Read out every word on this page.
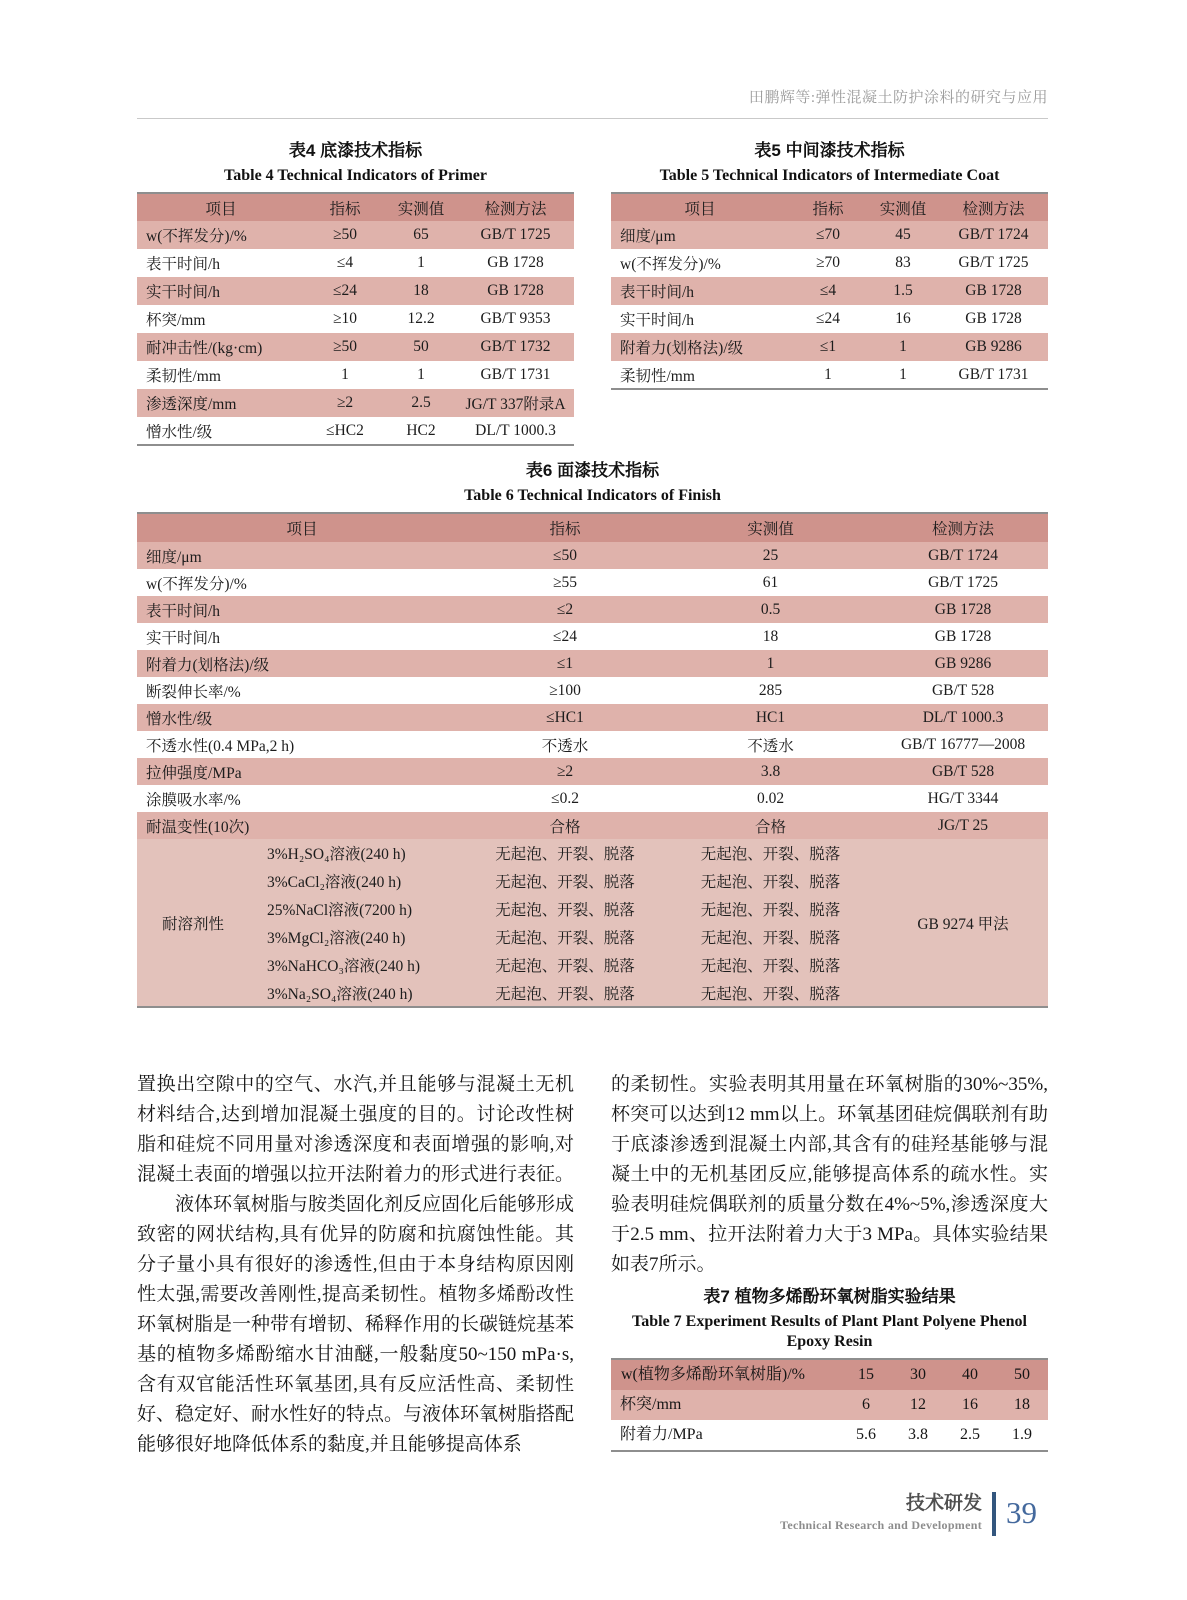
田鹏辉等:弹性混凝土防护涂料的研究与应用
表4 底漆技术指标
Table 4 Technical Indicators of Primer
项目	指标	实测值	检测方法
w(不挥发分)/%	≥50	65	GB/T 1725
表干时间/h	≤4	1	GB 1728
实干时间/h	≤24	18	GB 1728
杯突/mm	≥10	12.2	GB/T 9353
耐冲击性/(kg·cm)	≥50	50	GB/T 1732
柔韧性/mm	1	1	GB/T 1731
渗透深度/mm	≥2	2.5	JG/T 337附录A
憎水性/级	≤HC2	HC2	DL/T 1000.3
表5 中间漆技术指标
Table 5 Technical Indicators of Intermediate Coat
项目	指标	实测值	检测方法
细度/μm	≤70	45	GB/T 1724
w(不挥发分)/%	≥70	83	GB/T 1725
表干时间/h	≤4	1.5	GB 1728
实干时间/h	≤24	16	GB 1728
附着力(划格法)/级	≤1	1	GB 9286
柔韧性/mm	1	1	GB/T 1731
表6 面漆技术指标
Table 6 Technical Indicators of Finish
项目		指标	实测值	检测方法
细度/μm		≤50	25	GB/T 1724
w(不挥发分)/%		≥55	61	GB/T 1725
表干时间/h		≤2	0.5	GB 1728
实干时间/h		≤24	18	GB 1728
附着力(划格法)/级		≤1	1	GB 9286
断裂伸长率/%		≥100	285	GB/T 528
憎水性/级		≤HC1	HC1	DL/T 1000.3
不透水性(0.4 MPa,2 h)		不透水	不透水	GB/T 16777—2008
拉伸强度/MPa		≥2	3.8	GB/T 528
涂膜吸水率/%		≤0.2	0.02	HG/T 3344
耐温变性(10次)		合格	合格	JG/T 25
耐溶剂性	3%H₂SO₄溶液(240 h)	无起泡、开裂、脱落	无起泡、开裂、脱落	GB 9274 甲法
	3%CaCl₂溶液(240 h)	无起泡、开裂、脱落	无起泡、开裂、脱落	
	25%NaCl溶液(7200 h)	无起泡、开裂、脱落	无起泡、开裂、脱落	
	3%MgCl₂溶液(240 h)	无起泡、开裂、脱落	无起泡、开裂、脱落	
	3%NaHCO₃溶液(240 h)	无起泡、开裂、脱落	无起泡、开裂、脱落	
	3%Na₂SO₄溶液(240 h)	无起泡、开裂、脱落	无起泡、开裂、脱落	

置换出空隙中的空气、水汽,并且能够与混凝土无机材料结合,达到增加混凝土强度的目的。讨论改性树脂和硅烷不同用量对渗透深度和表面增强的影响,对混凝土表面的增强以拉开法附着力的形式进行表征。

液体环氧树脂与胺类固化剂反应固化后能够形成致密的网状结构,具有优异的防腐和抗腐蚀性能。其分子量小具有很好的渗透性,但由于本身结构原因刚性太强,需要改善刚性,提高柔韧性。植物多烯酚改性环氧树脂是一种带有增韧、稀释作用的长碳链烷基苯基的植物多烯酚缩水甘油醚,一般黏度50~150 mPa·s,含有双官能活性环氧基团,具有反应活性高、柔韧性好、稳定好、耐水性好的特点。与液体环氧树脂搭配能够很好地降低体系的黏度,并且能够提高体系

的柔韧性。实验表明其用量在环氧树脂的30%~35%,杯突可以达到12 mm以上。环氧基团硅烷偶联剂有助于底漆渗透到混凝土内部,其含有的硅羟基能够与混凝土中的无机基团反应,能够提高体系的疏水性。实验表明硅烷偶联剂的质量分数在4%~5%,渗透深度大于2.5 mm、拉开法附着力大于3 MPa。具体实验结果如表7所示。

表7 植物多烯酚环氧树脂实验结果
Table 7 Experiment Results of Plant Plant Polyene Phenol Epoxy Resin
w(植物多烯酚环氧树脂)/%	15	30	40	50
杯突/mm	6	12	16	18
附着力/MPa	5.6	3.8	2.5	1.9
技术研发
Technical Research and Development 39
